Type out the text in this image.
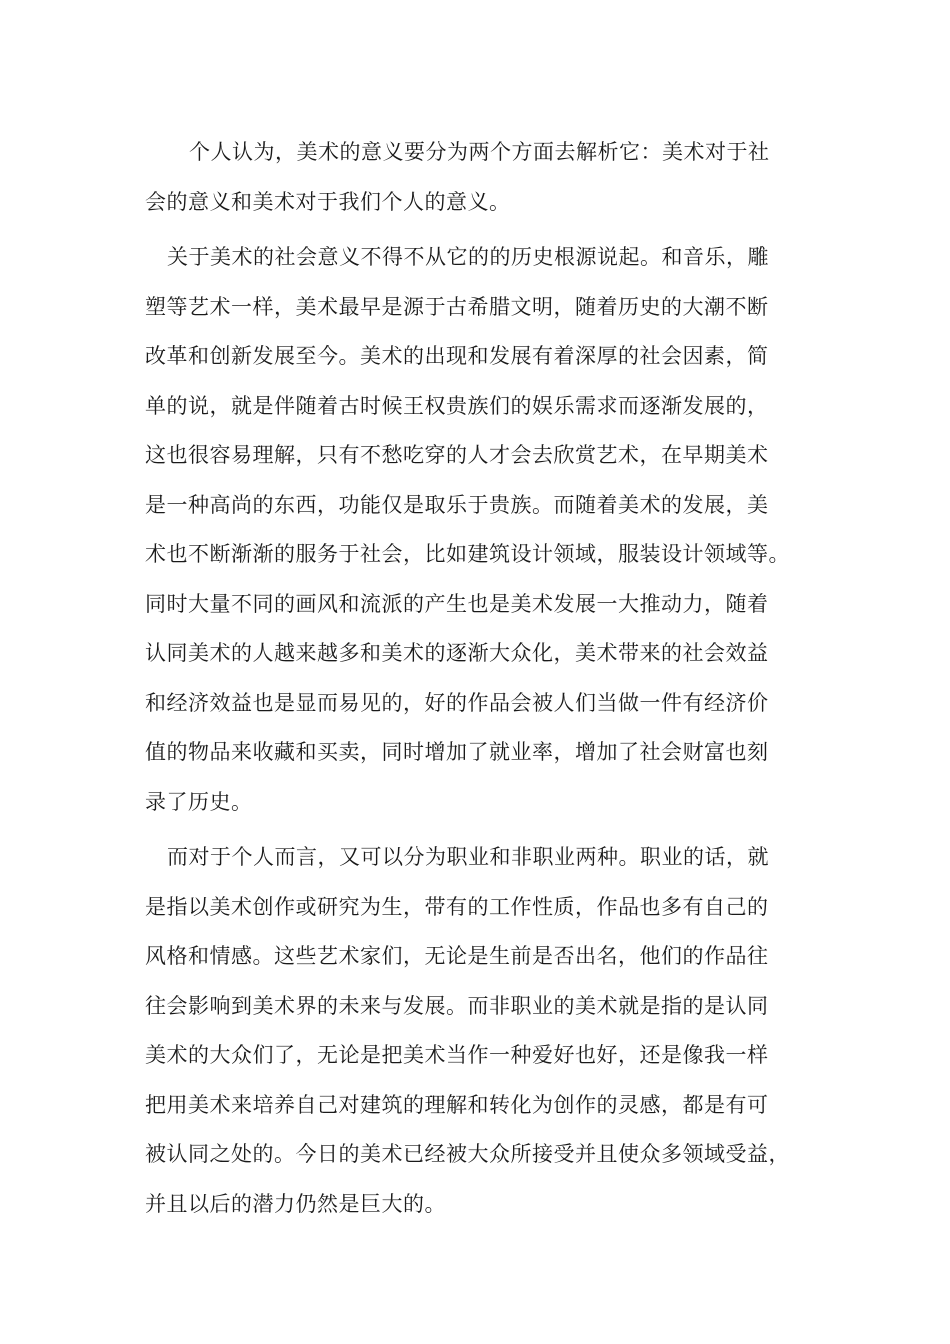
个人认为，美术的意义要分为两个方面去解析它：美术对于社
会的意义和美术对于我们个人的意义。
关于美术的社会意义不得不从它的的历史根源说起。和音乐，雕
塑等艺术一样，美术最早是源于古希腊文明，随着历史的大潮不断
改革和创新发展至今。美术的出现和发展有着深厚的社会因素，简
单的说，就是伴随着古时候王权贵族们的娱乐需求而逐渐发展的，
这也很容易理解，只有不愁吃穿的人才会去欣赏艺术，在早期美术
是一种高尚的东西，功能仅是取乐于贵族。而随着美术的发展，美
术也不断渐渐的服务于社会，比如建筑设计领域，服装设计领域等。
同时大量不同的画风和流派的产生也是美术发展一大推动力，随着
认同美术的人越来越多和美术的逐渐大众化，美术带来的社会效益
和经济效益也是显而易见的，好的作品会被人们当做一件有经济价
值的物品来收藏和买卖，同时增加了就业率，增加了社会财富也刻
录了历史。
而对于个人而言，又可以分为职业和非职业两种。职业的话，就
是指以美术创作或研究为生，带有的工作性质，作品也多有自己的
风格和情感。这些艺术家们，无论是生前是否出名，他们的作品往
往会影响到美术界的未来与发展。而非职业的美术就是指的是认同
美术的大众们了，无论是把美术当作一种爱好也好，还是像我一样
把用美术来培养自己对建筑的理解和转化为创作的灵感，都是有可
被认同之处的。今日的美术已经被大众所接受并且使众多领域受益，
并且以后的潜力仍然是巨大的。
